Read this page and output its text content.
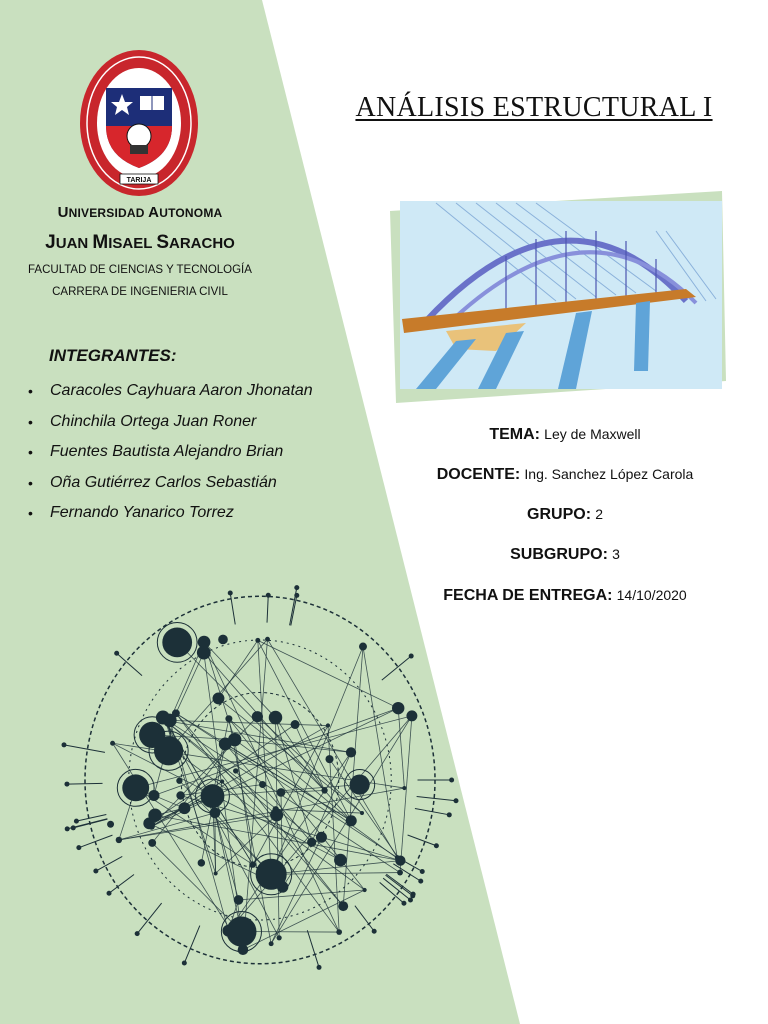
TARIJA
UNIVERSIDAD AUTONOMA
JUAN MISAEL SARACHO
FACULTAD DE CIENCIAS Y TECNOLOGÍA
CARRERA DE INGENIERIA CIVIL
INTEGRANTES:
• Caracoles Cayhuara Aaron Jhonatan
• Chinchila Ortega Juan Roner
• Fuentes Bautista Alejandro Brian
• Oña Gutiérrez Carlos Sebastián
• Fernando Yanarico Torrez
ANÁLISIS ESTRUCTURAL I
TEMA: Ley de Maxwell
DOCENTE: Ing. Sanchez López Carola
GRUPO: 2
SUBGRUPO: 3
FECHA DE ENTREGA: 14/10/2020
